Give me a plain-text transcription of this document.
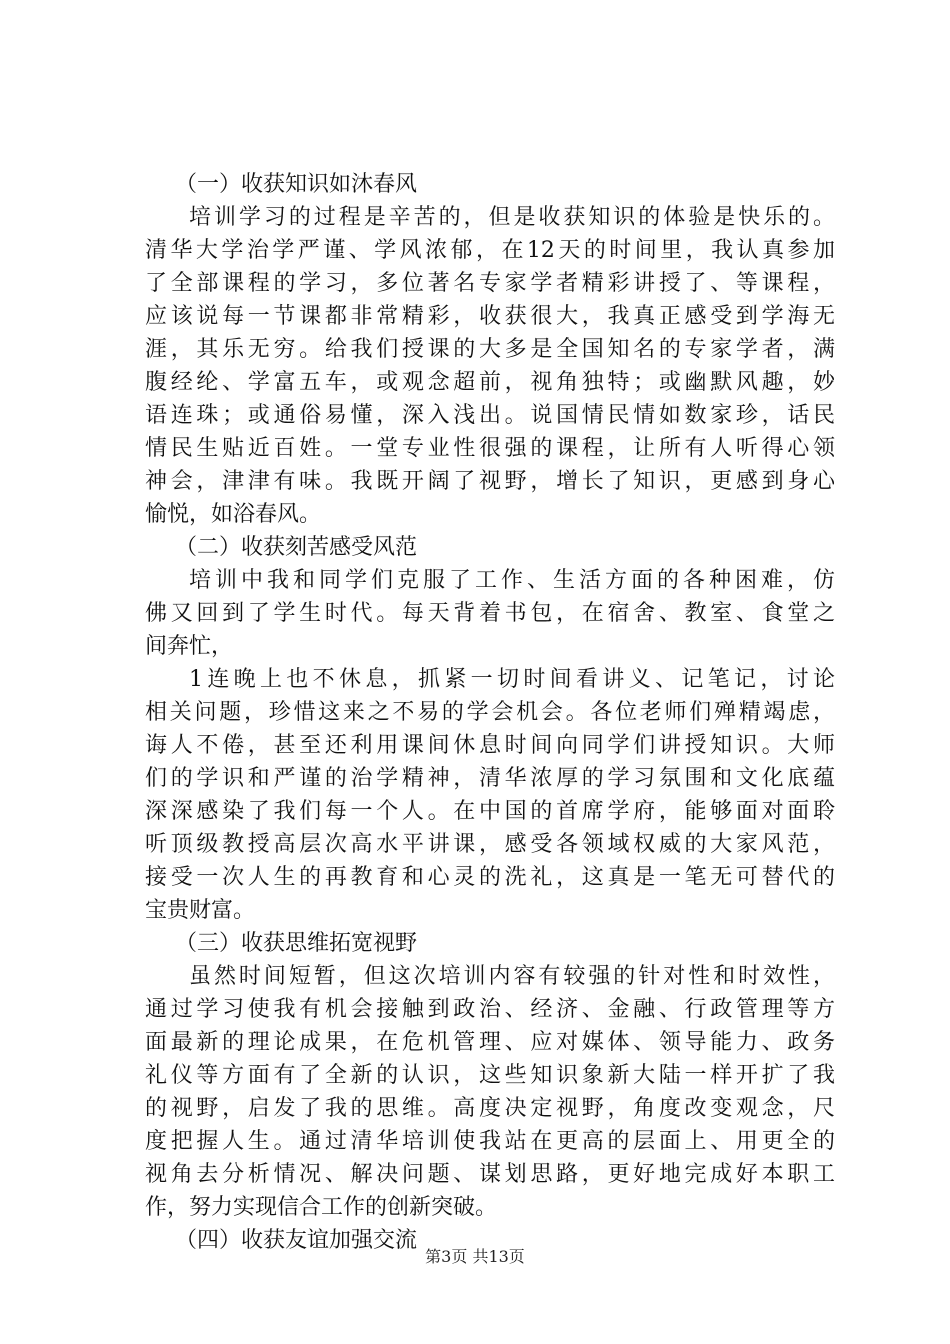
（一）收获知识如沐春风
培训学习的过程是辛苦的，但是收获知识的体验是快乐的。
清华大学治学严谨、学风浓郁，在12天的时间里，我认真参加
了全部课程的学习，多位著名专家学者精彩讲授了、等课程，
应该说每一节课都非常精彩，收获很大，我真正感受到学海无
涯，其乐无穷。给我们授课的大多是全国知名的专家学者，满
腹经纶、学富五车，或观念超前，视角独特；或幽默风趣，妙
语连珠；或通俗易懂，深入浅出。说国情民情如数家珍，话民
情民生贴近百姓。一堂专业性很强的课程，让所有人听得心领
神会，津津有味。我既开阔了视野，增长了知识，更感到身心
愉悦，如浴春风。
（二）收获刻苦感受风范
培训中我和同学们克服了工作、生活方面的各种困难，仿
佛又回到了学生时代。每天背着书包，在宿舍、教室、食堂之
间奔忙，
1连晚上也不休息，抓紧一切时间看讲义、记笔记，讨论
相关问题，珍惜这来之不易的学会机会。各位老师们殚精竭虑，
诲人不倦，甚至还利用课间休息时间向同学们讲授知识。大师
们的学识和严谨的治学精神，清华浓厚的学习氛围和文化底蕴
深深感染了我们每一个人。在中国的首席学府，能够面对面聆
听顶级教授高层次高水平讲课，感受各领域权威的大家风范，
接受一次人生的再教育和心灵的洗礼，这真是一笔无可替代的
宝贵财富。
（三）收获思维拓宽视野
虽然时间短暂，但这次培训内容有较强的针对性和时效性，
通过学习使我有机会接触到政治、经济、金融、行政管理等方
面最新的理论成果，在危机管理、应对媒体、领导能力、政务
礼仪等方面有了全新的认识，这些知识象新大陆一样开扩了我
的视野，启发了我的思维。高度决定视野，角度改变观念，尺
度把握人生。通过清华培训使我站在更高的层面上、用更全的
视角去分析情况、解决问题、谋划思路，更好地完成好本职工
作，努力实现信合工作的创新突破。
（四）收获友谊加强交流
第3页 共13页
